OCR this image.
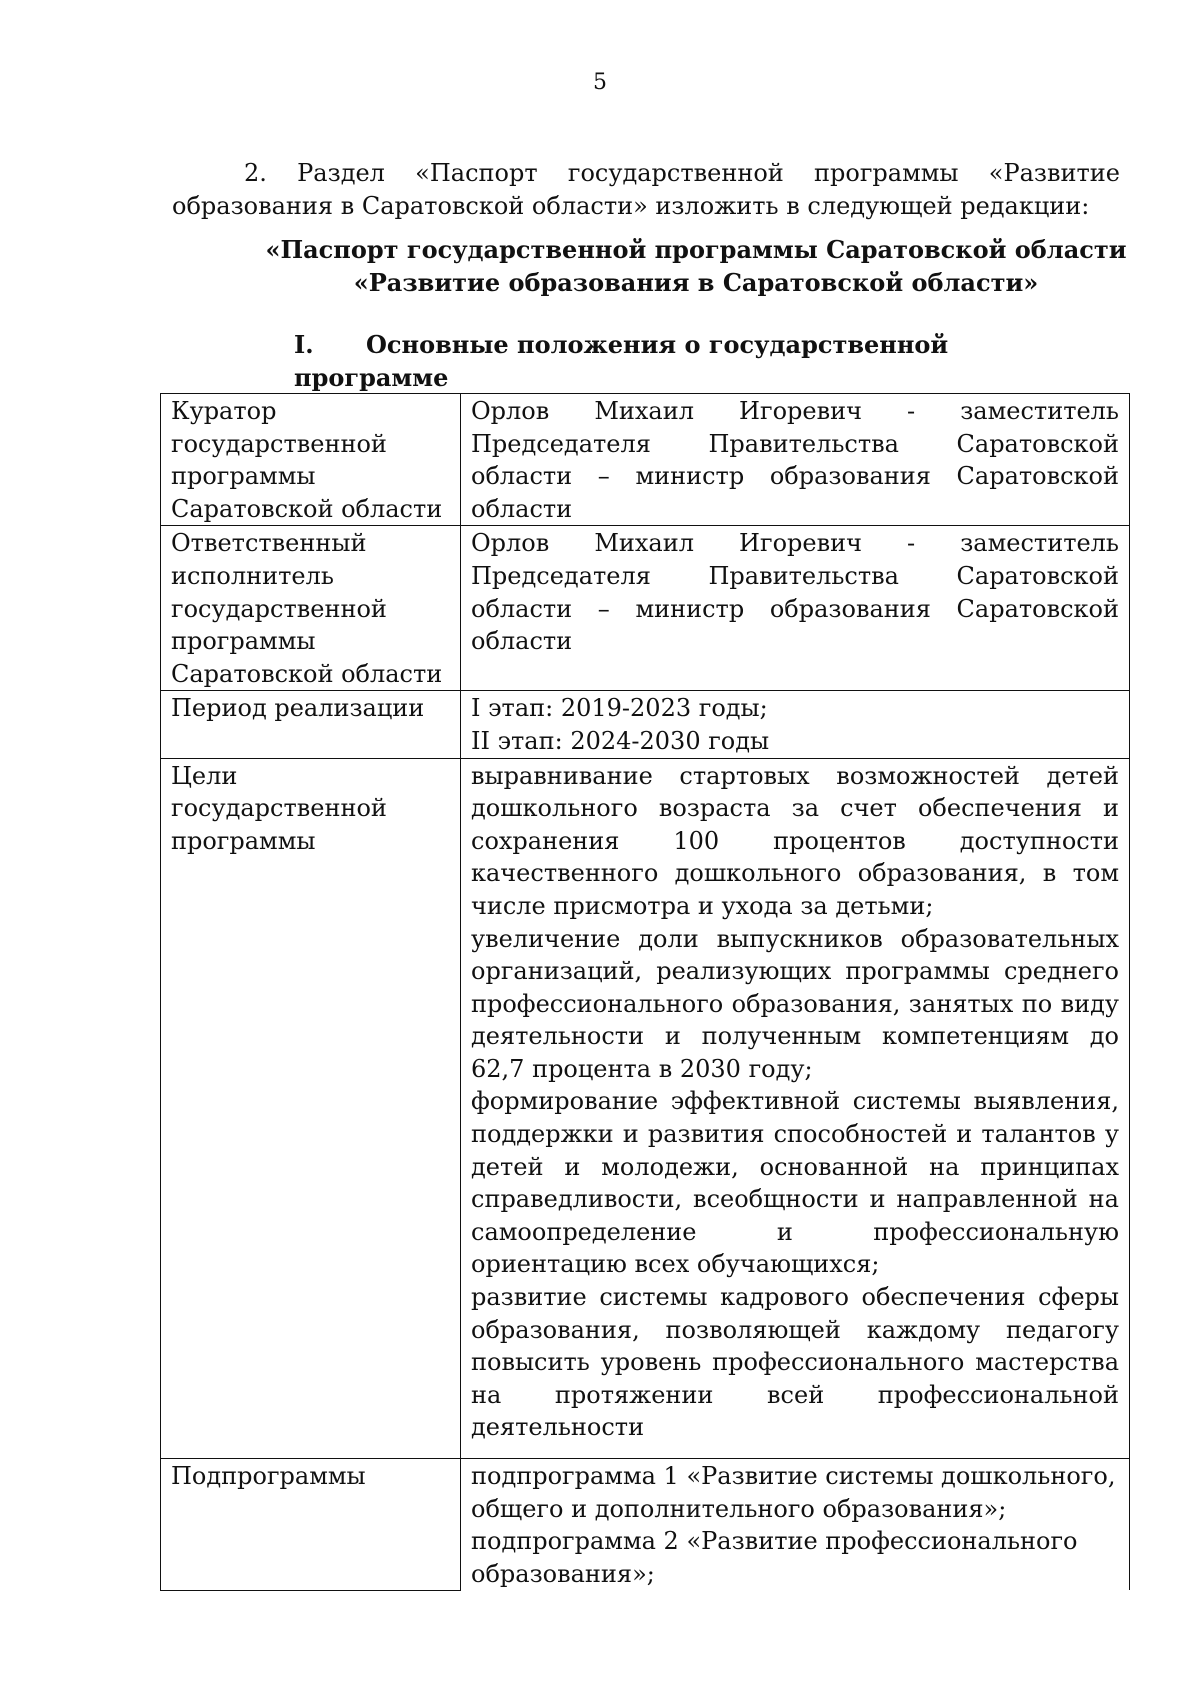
5

2. Раздел «Паспорт государственной программы «Развитие образования в Саратовской области» изложить в следующей редакции:

«Паспорт государственной программы Саратовской области
«Развитие образования в Саратовской области»
I. Основные положения о государственной программе
Куратор государственной программы Саратовской области	Орлов Михаил Игоревич - заместитель Председателя Правительства Саратовской области – министр образования Саратовской области

Ответственный исполнитель государственной программы Саратовской области	Орлов Михаил Игоревич - заместитель Председателя Правительства Саратовской области – министр образования Саратовской области

Период реализации	I этап: 2019-2023 годы;
II этап: 2024-2030 годы

Цели государственной программы	выравнивание стартовых возможностей детей дошкольного возраста за счет обеспечения и сохранения 100 процентов доступности качественного дошкольного образования, в том числе присмотра и ухода за детьми;
увеличение доли выпускников образовательных организаций, реализующих программы среднего профессионального образования, занятых по виду деятельности и полученным компетенциям до 62,7 процента в 2030 году;
формирование эффективной системы выявления, поддержки и развития способностей и талантов у детей и молодежи, основанной на принципах справедливости, всеобщности и направленной на самоопределение и профессиональную ориентацию всех обучающихся;
развитие системы кадрового обеспечения сферы образования, позволяющей каждому педагогу повысить уровень профессионального мастерства на протяжении всей профессиональной деятельности

Подпрограммы	подпрограмма 1 «Развитие системы дошкольного, общего и дополнительного образования»;
подпрограмма 2 «Развитие профессионального образования»;
